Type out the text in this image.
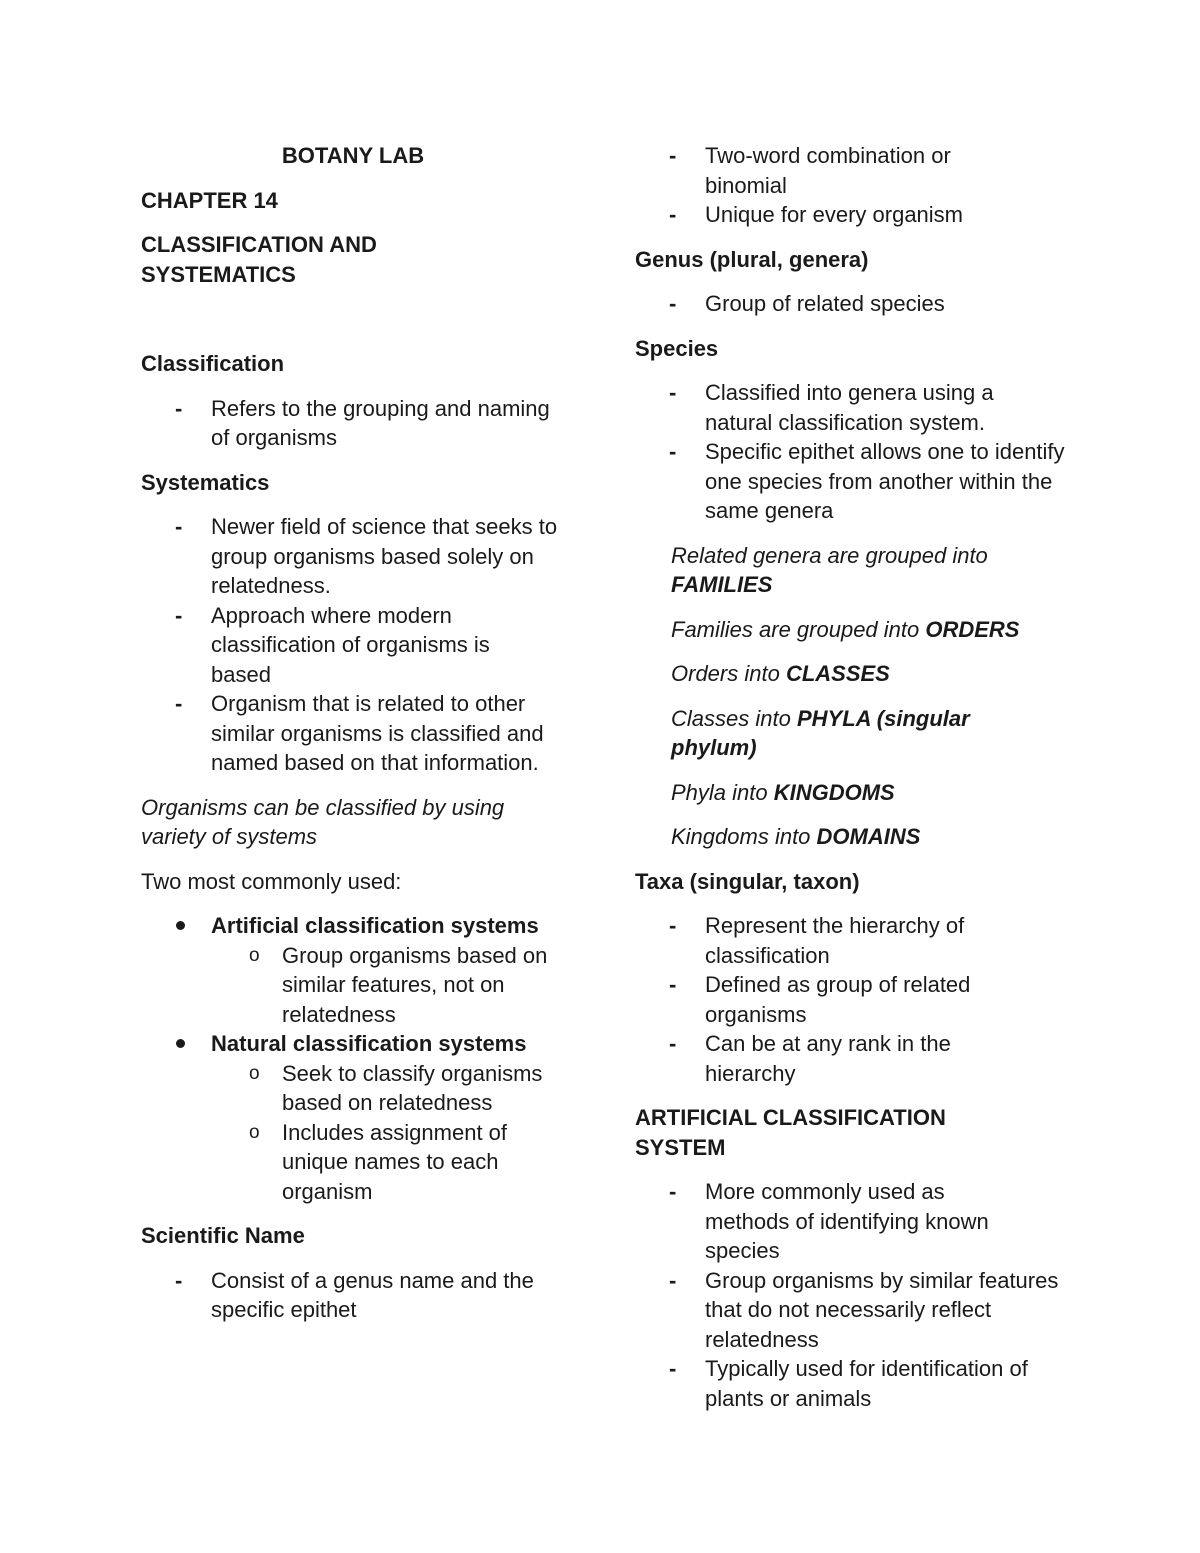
BOTANY LAB

CHAPTER 14

CLASSIFICATION AND

SYSTEMATICS

Classification

- Refers to the grouping and naming of organisms

Systematics

- Newer field of science that seeks to group organisms based solely on relatedness.
- Approach where modern classification of organisms is based
- Organism that is related to other similar organisms is classified and named based on that information.

Organisms can be classified by using variety of systems

Two most commonly used:

Artificial classification systems
o Group organisms based on similar features, not on relatedness
Natural classification systems
o Seek to classify organisms based on relatedness
o Includes assignment of unique names to each organism

Scientific Name

- Consist of a genus name and the specific epithet
- Two-word combination or binomial
- Unique for every organism

Genus (plural, genera)

- Group of related species

Species

- Classified into genera using a natural classification system.
- Specific epithet allows one to identify one species from another within the same genera

Related genera are grouped into FAMILIES

Families are grouped into ORDERS

Orders into CLASSES

Classes into PHYLA (singular phylum)

Phyla into KINGDOMS

Kingdoms into DOMAINS

Taxa (singular, taxon)

- Represent the hierarchy of classification
- Defined as group of related organisms
- Can be at any rank in the hierarchy

ARTIFICIAL CLASSIFICATION

SYSTEM

- More commonly used as methods of identifying known species
- Group organisms by similar features that do not necessarily reflect relatedness
- Typically used for identification of plants or animals
